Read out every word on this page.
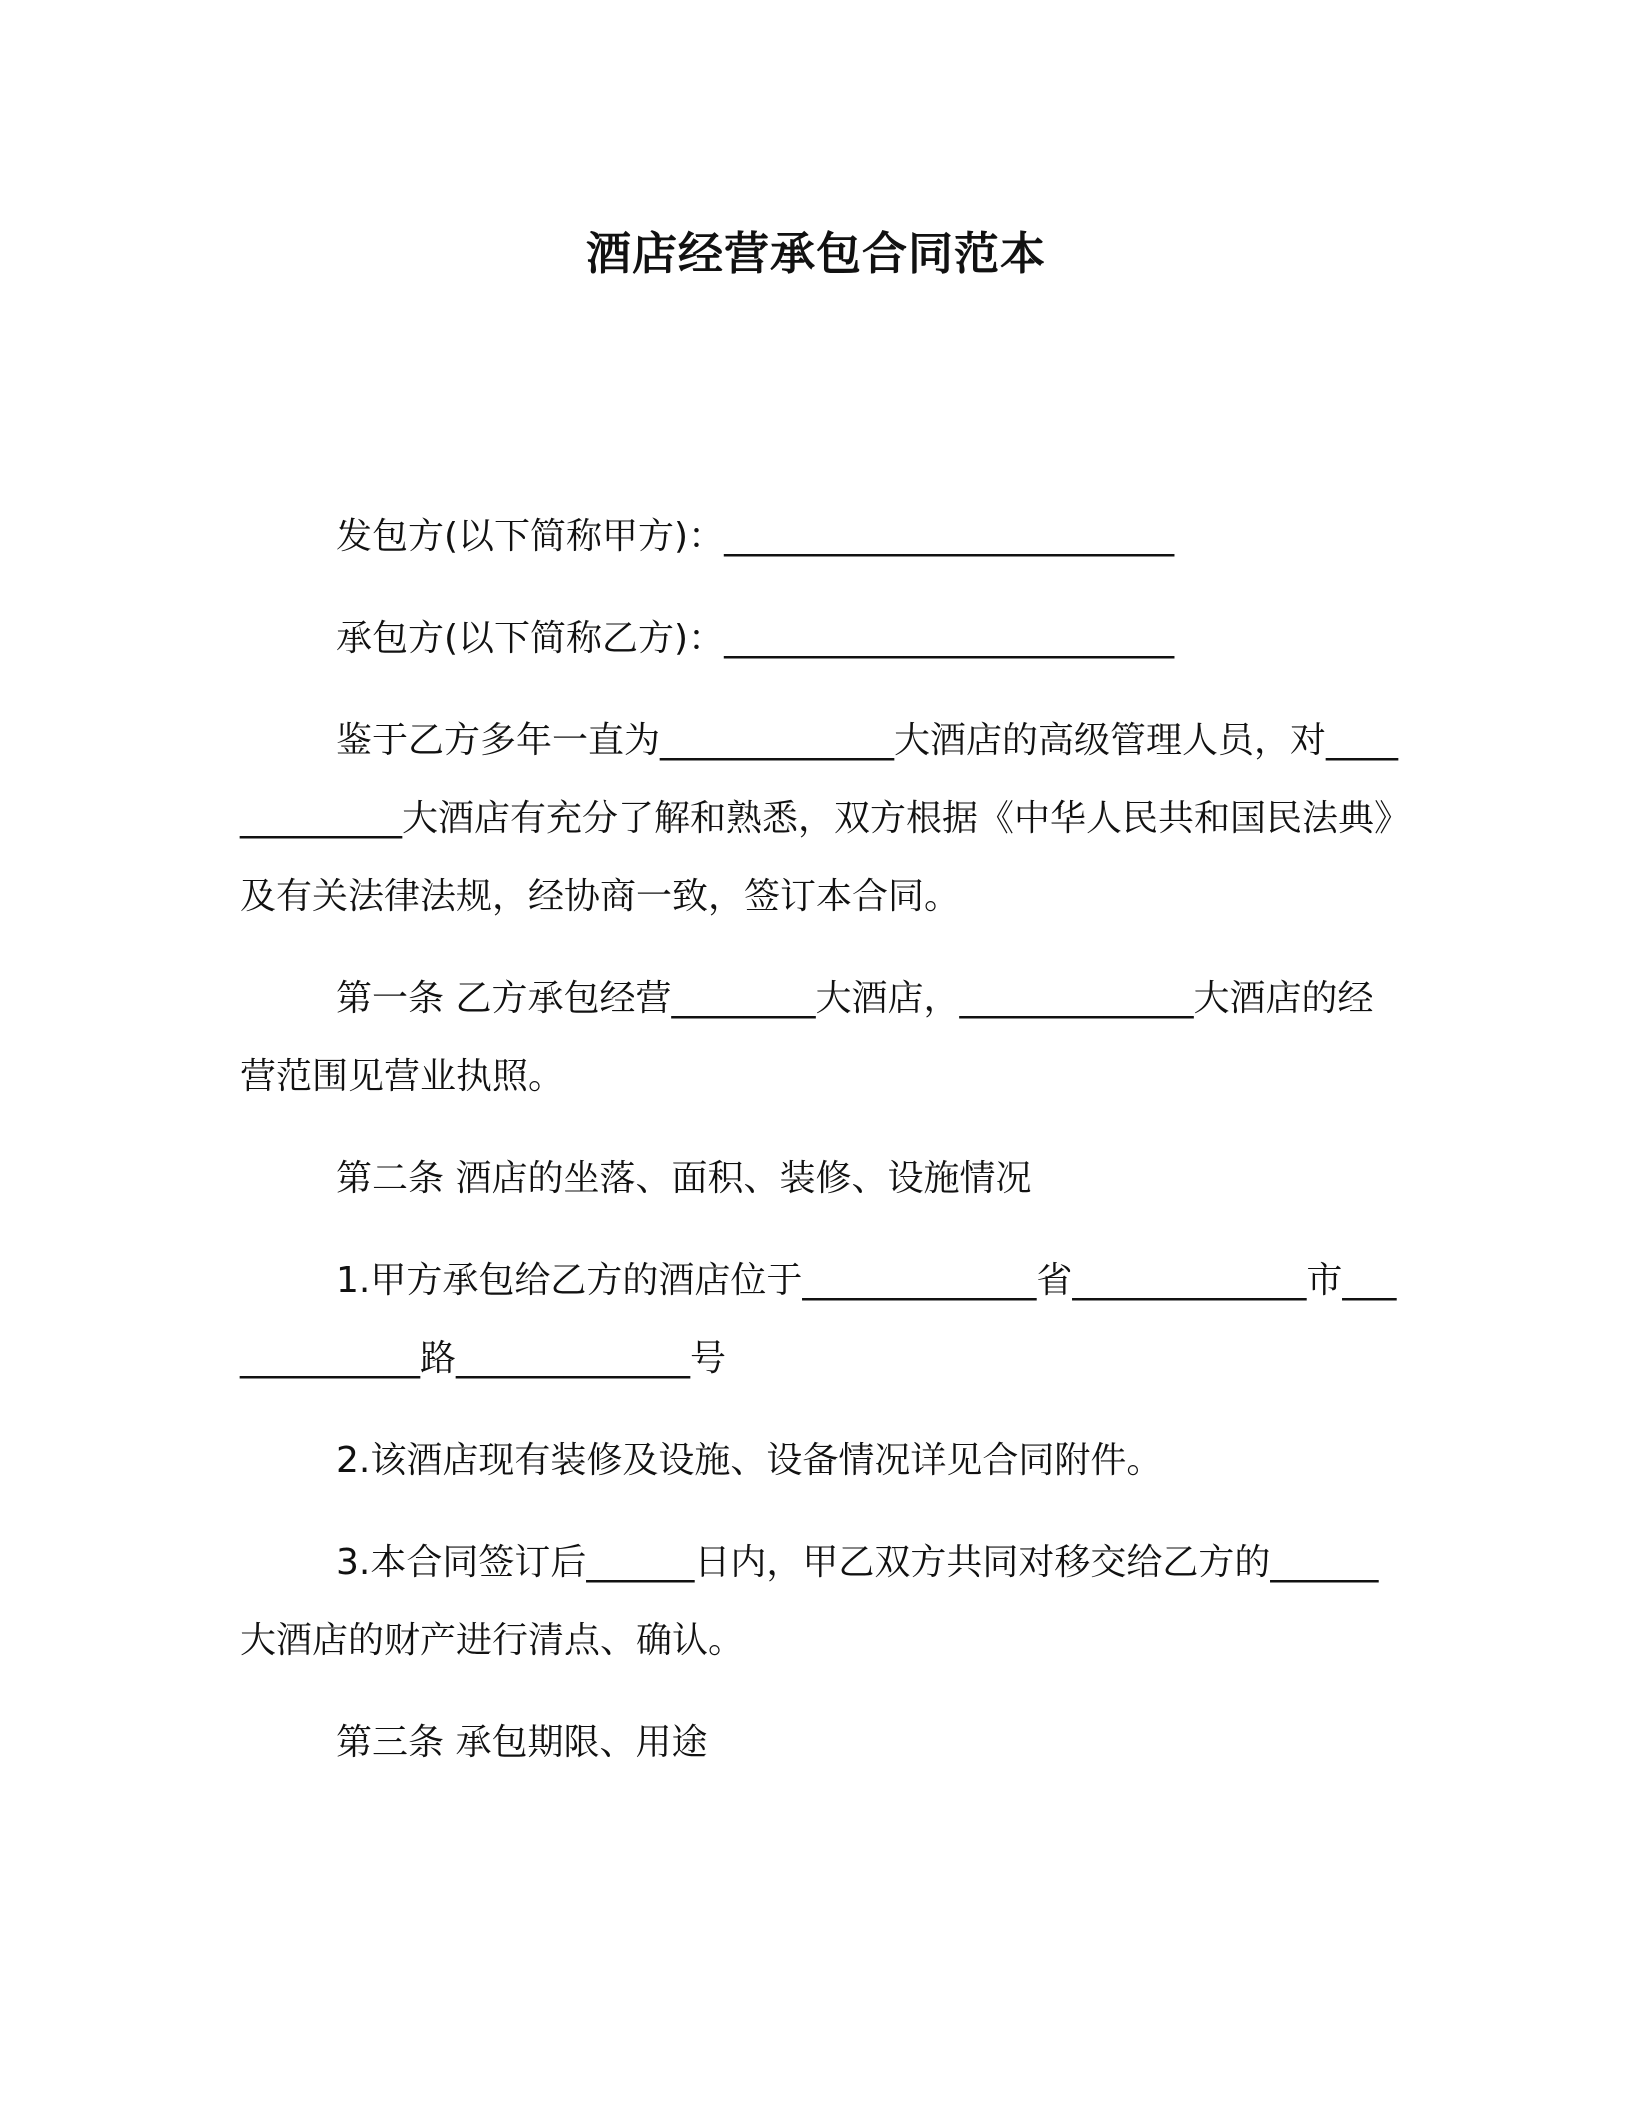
酒店经营承包合同范本

发包方(以下简称甲方)：_________________________

承包方(以下简称乙方)：_________________________

鉴于乙方多年一直为_____________大酒店的高级管理人员，对_____________大酒店有充分了解和熟悉，双方根据《中华人民共和国民法典》及有关法律法规，经协商一致，签订本合同。

第一条 乙方承包经营________大酒店，_____________大酒店的经营范围见营业执照。

第二条 酒店的坐落、面积、装修、设施情况

1.甲方承包给乙方的酒店位于_____________省_____________市_____________路_____________号

2.该酒店现有装修及设施、设备情况详见合同附件。

3.本合同签订后______日内，甲乙双方共同对移交给乙方的______大酒店的财产进行清点、确认。

第三条 承包期限、用途
